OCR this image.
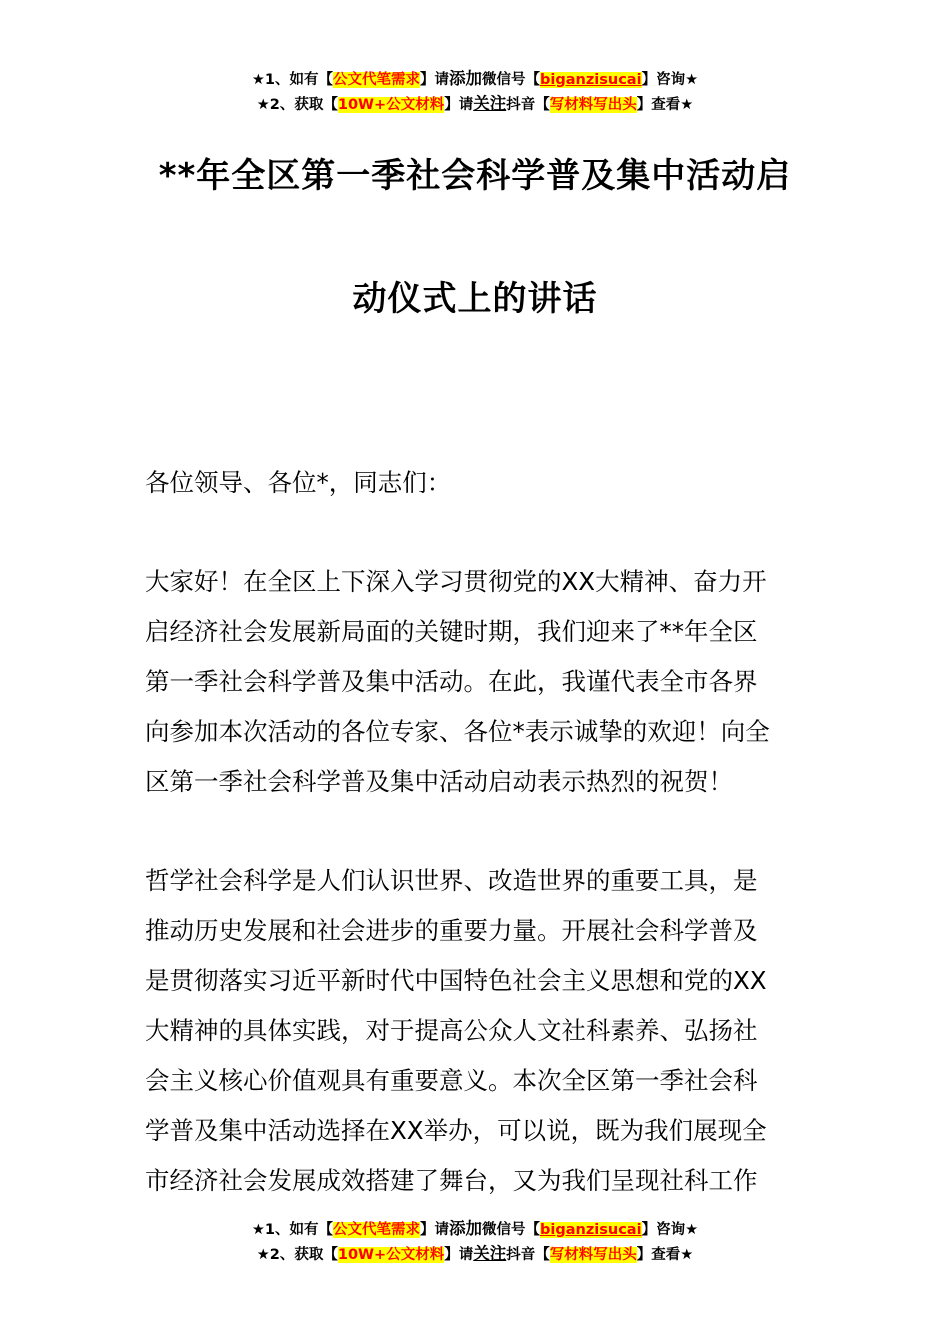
★1、如有【公文代笔需求】请添加微信号【biganzisucai】咨询★
★2、获取【10W+公文材料】请关注抖音【写材料写出头】查看★
**年全区第一季社会科学普及集中活动启
动仪式上的讲话

各位领导、各位*，同志们：

大家好！在全区上下深入学习贯彻党的XX大精神、奋力开
启经济社会发展新局面的关键时期，我们迎来了**年全区
第一季社会科学普及集中活动。在此，我谨代表全市各界
向参加本次活动的各位专家、各位*表示诚挚的欢迎！向全
区第一季社会科学普及集中活动启动表示热烈的祝贺！
哲学社会科学是人们认识世界、改造世界的重要工具，是
推动历史发展和社会进步的重要力量。开展社会科学普及
是贯彻落实习近平新时代中国特色社会主义思想和党的XX
大精神的具体实践，对于提高公众人文社科素养、弘扬社
会主义核心价值观具有重要意义。本次全区第一季社会科
学普及集中活动选择在XX举办，可以说，既为我们展现全
市经济社会发展成效搭建了舞台，又为我们呈现社科工作
★1、如有【公文代笔需求】请添加微信号【biganzisucai】咨询★
★2、获取【10W+公文材料】请关注抖音【写材料写出头】查看★
